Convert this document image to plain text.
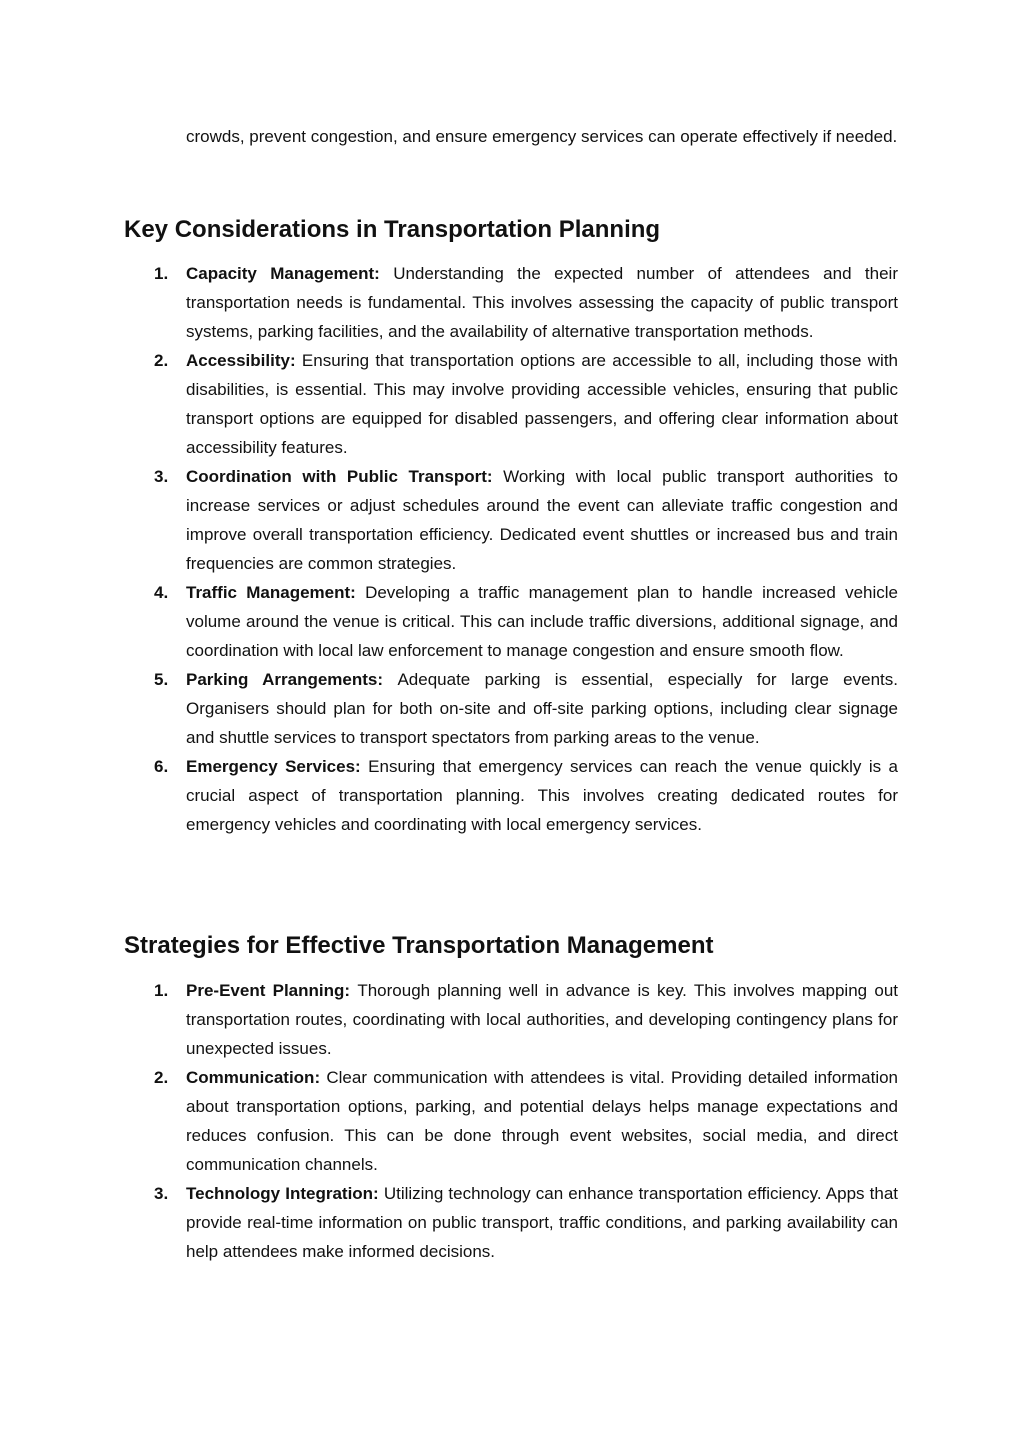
crowds, prevent congestion, and ensure emergency services can operate effectively if needed.

Key Considerations in Transportation Planning
1. Capacity Management: Understanding the expected number of attendees and their transportation needs is fundamental. This involves assessing the capacity of public transport systems, parking facilities, and the availability of alternative transportation methods.
2. Accessibility: Ensuring that transportation options are accessible to all, including those with disabilities, is essential. This may involve providing accessible vehicles, ensuring that public transport options are equipped for disabled passengers, and offering clear information about accessibility features.
3. Coordination with Public Transport: Working with local public transport authorities to increase services or adjust schedules around the event can alleviate traffic congestion and improve overall transportation efficiency. Dedicated event shuttles or increased bus and train frequencies are common strategies.
4. Traffic Management: Developing a traffic management plan to handle increased vehicle volume around the venue is critical. This can include traffic diversions, additional signage, and coordination with local law enforcement to manage congestion and ensure smooth flow.
5. Parking Arrangements: Adequate parking is essential, especially for large events. Organisers should plan for both on-site and off-site parking options, including clear signage and shuttle services to transport spectators from parking areas to the venue.
6. Emergency Services: Ensuring that emergency services can reach the venue quickly is a crucial aspect of transportation planning. This involves creating dedicated routes for emergency vehicles and coordinating with local emergency services.
Strategies for Effective Transportation Management
1. Pre-Event Planning: Thorough planning well in advance is key. This involves mapping out transportation routes, coordinating with local authorities, and developing contingency plans for unexpected issues.
2. Communication: Clear communication with attendees is vital. Providing detailed information about transportation options, parking, and potential delays helps manage expectations and reduces confusion. This can be done through event websites, social media, and direct communication channels.
3. Technology Integration: Utilizing technology can enhance transportation efficiency. Apps that provide real-time information on public transport, traffic conditions, and parking availability can help attendees make informed decisions.
